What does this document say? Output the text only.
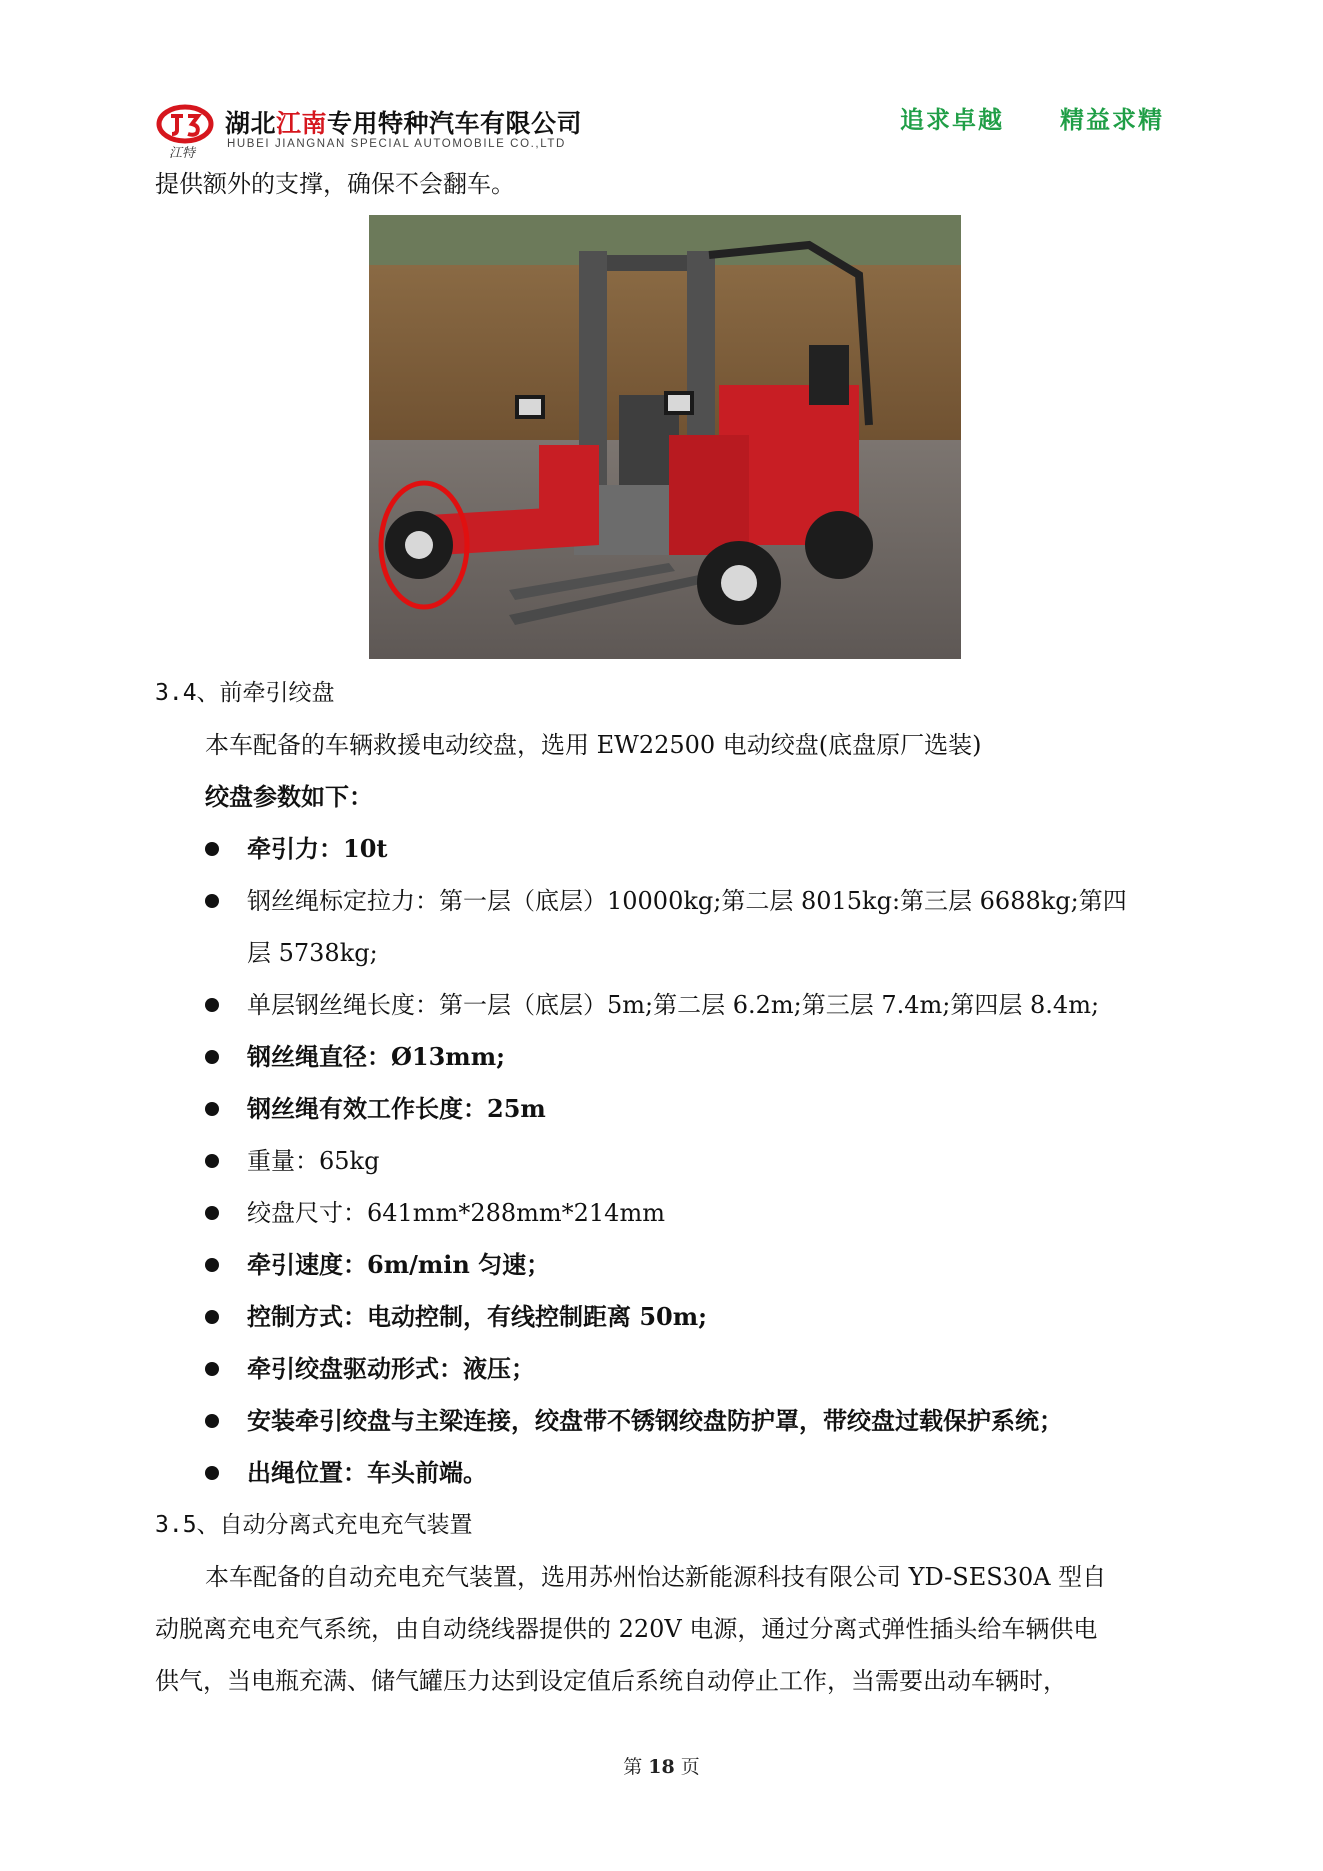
江特
湖北江南专用特种汽车有限公司
HUBEI JIANGNAN SPECIAL AUTOMOBILE CO.,LTD
追求卓越 精益求精
提供额外的支撑，确保不会翻车。
3.4、前牵引绞盘
本车配备的车辆救援电动绞盘，选用 EW22500 电动绞盘(底盘原厂选装)
绞盘参数如下：
牵引力：10t
钢丝绳标定拉力：第一层（底层）10000kg;第二层 8015kg:第三层 6688kg;第四
层 5738kg;
单层钢丝绳长度：第一层（底层）5m;第二层 6.2m;第三层 7.4m;第四层 8.4m;
钢丝绳直径：Ø13mm;
钢丝绳有效工作长度：25m
重量：65kg
绞盘尺寸：641mm*288mm*214mm
牵引速度：6m/min 匀速；
控制方式：电动控制，有线控制距离 50m;
牵引绞盘驱动形式：液压；
安装牵引绞盘与主梁连接，绞盘带不锈钢绞盘防护罩，带绞盘过载保护系统；
出绳位置：车头前端。
3.5、自动分离式充电充气装置
本车配备的自动充电充气装置，选用苏州怡达新能源科技有限公司 YD-SES30A 型自
动脱离充电充气系统，由自动绕线器提供的 220V 电源，通过分离式弹性插头给车辆供电
供气，当电瓶充满、储气罐压力达到设定值后系统自动停止工作，当需要出动车辆时，
第 18 页
